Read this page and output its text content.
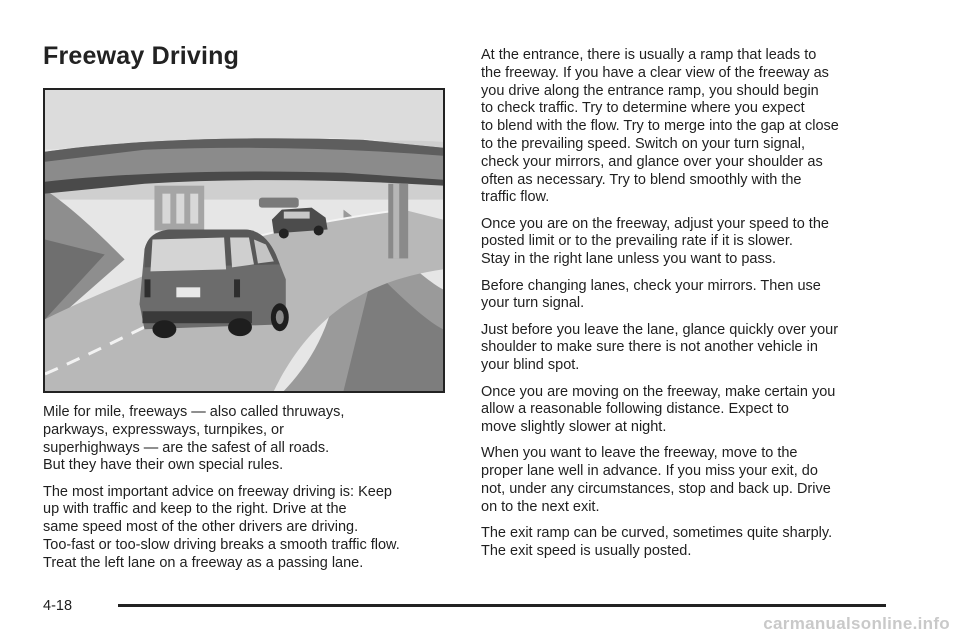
Freeway Driving

Mile for mile, freeways — also called thruways,
parkways, expressways, turnpikes, or
superhighways — are the safest of all roads.
But they have their own special rules.

The most important advice on freeway driving is: Keep
up with traffic and keep to the right. Drive at the
same speed most of the other drivers are driving.
Too-fast or too-slow driving breaks a smooth traffic flow.
Treat the left lane on a freeway as a passing lane.

At the entrance, there is usually a ramp that leads to
the freeway. If you have a clear view of the freeway as
you drive along the entrance ramp, you should begin
to check traffic. Try to determine where you expect
to blend with the flow. Try to merge into the gap at close
to the prevailing speed. Switch on your turn signal,
check your mirrors, and glance over your shoulder as
often as necessary. Try to blend smoothly with the
traffic flow.

Once you are on the freeway, adjust your speed to the
posted limit or to the prevailing rate if it is slower.
Stay in the right lane unless you want to pass.

Before changing lanes, check your mirrors. Then use
your turn signal.

Just before you leave the lane, glance quickly over your
shoulder to make sure there is not another vehicle in
your blind spot.

Once you are moving on the freeway, make certain you
allow a reasonable following distance. Expect to
move slightly slower at night.

When you want to leave the freeway, move to the
proper lane well in advance. If you miss your exit, do
not, under any circumstances, stop and back up. Drive
on to the next exit.

The exit ramp can be curved, sometimes quite sharply.
The exit speed is usually posted.

4-18
carmanualsonline.info
